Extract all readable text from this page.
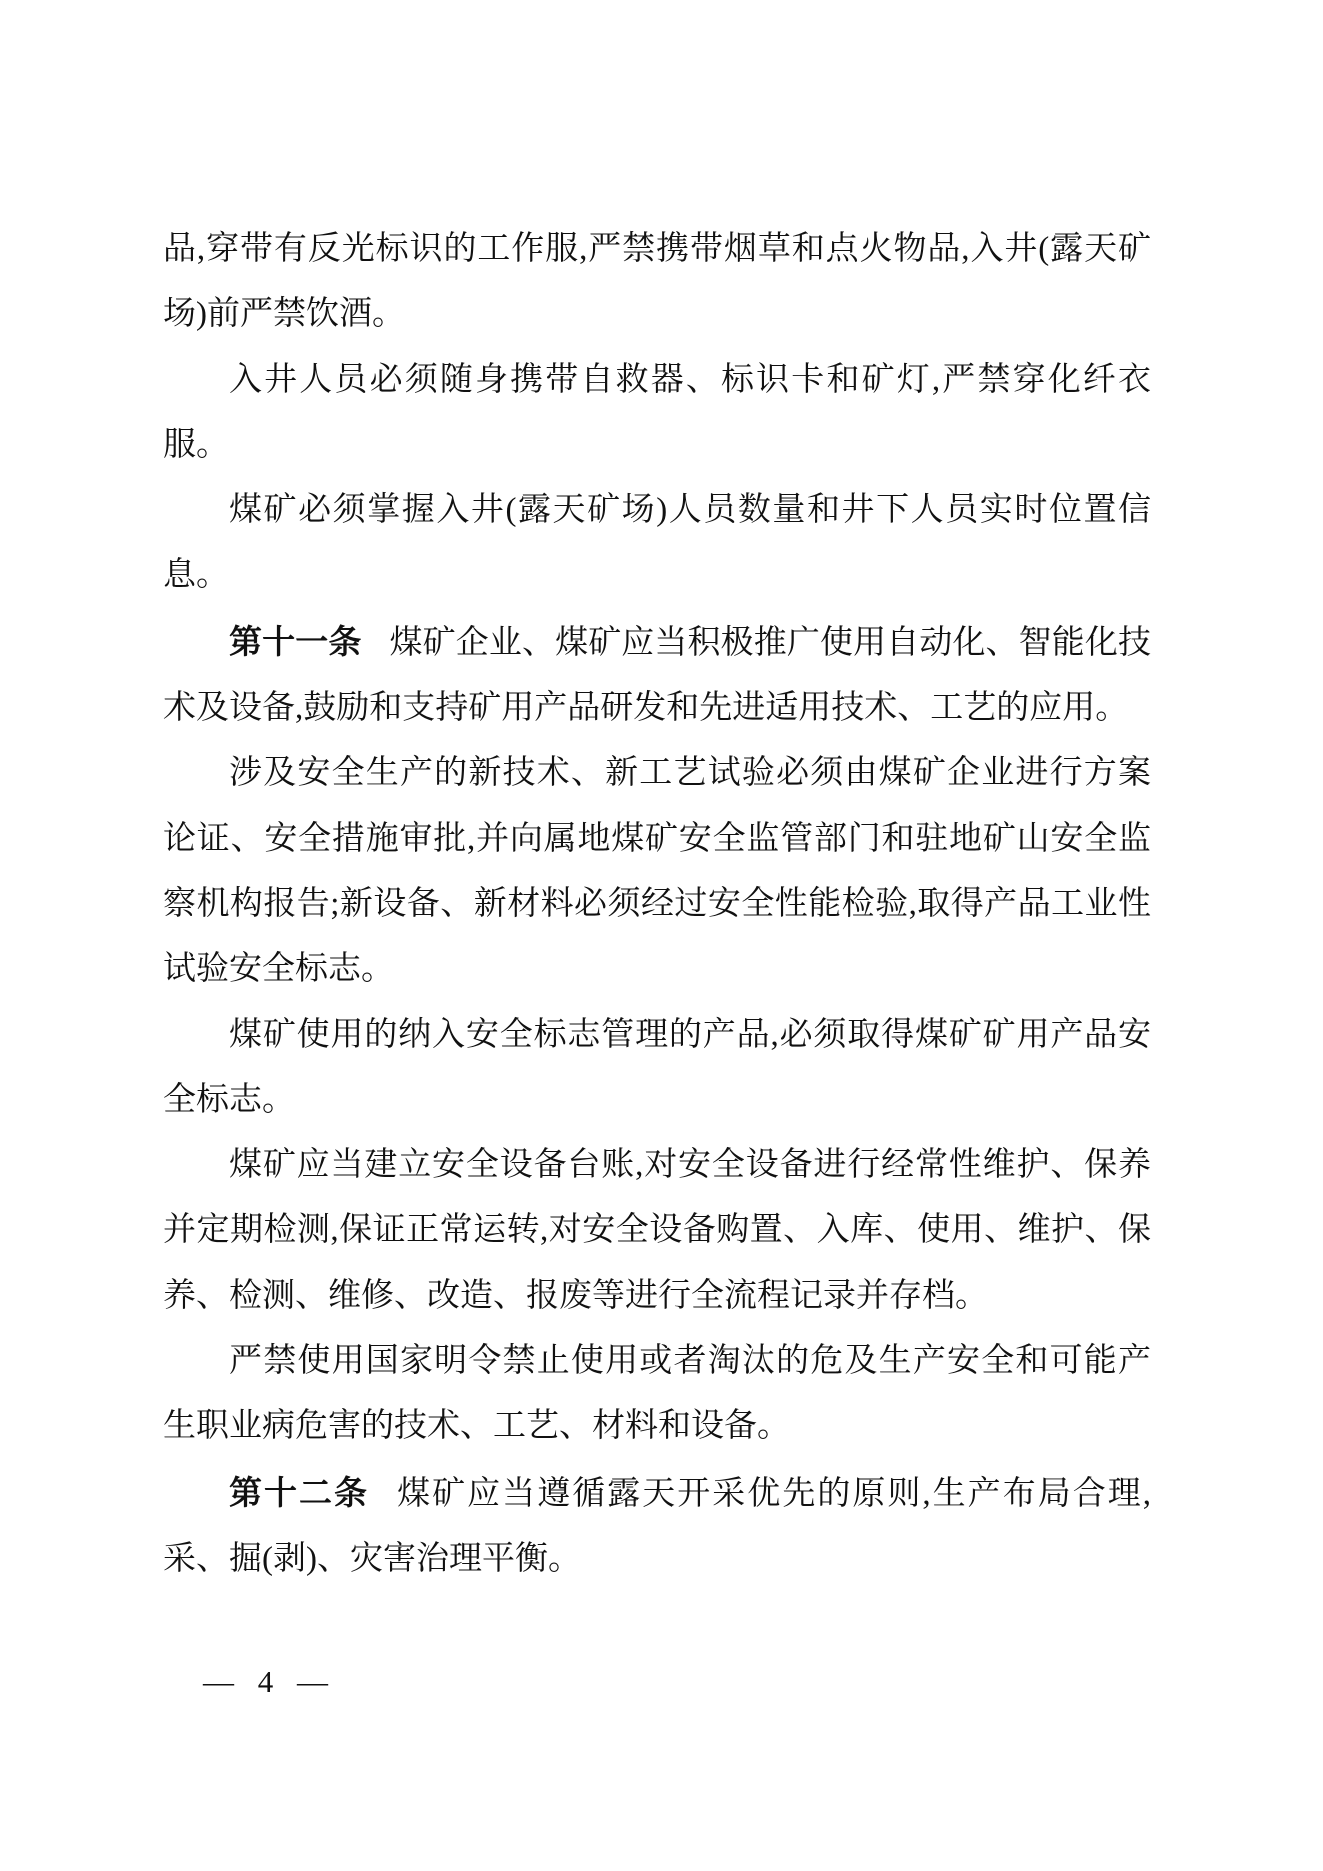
品,穿带有反光标识的工作服,严禁携带烟草和点火物品,入井(露天矿场)前严禁饮酒。

入井人员必须随身携带自救器、标识卡和矿灯,严禁穿化纤衣服。

煤矿必须掌握入井(露天矿场)人员数量和井下人员实时位置信息。

第十一条 煤矿企业、煤矿应当积极推广使用自动化、智能化技术及设备,鼓励和支持矿用产品研发和先进适用技术、工艺的应用。

涉及安全生产的新技术、新工艺试验必须由煤矿企业进行方案论证、安全措施审批,并向属地煤矿安全监管部门和驻地矿山安全监察机构报告;新设备、新材料必须经过安全性能检验,取得产品工业性试验安全标志。

煤矿使用的纳入安全标志管理的产品,必须取得煤矿矿用产品安全标志。

煤矿应当建立安全设备台账,对安全设备进行经常性维护、保养并定期检测,保证正常运转,对安全设备购置、入库、使用、维护、保养、检测、维修、改造、报废等进行全流程记录并存档。

严禁使用国家明令禁止使用或者淘汰的危及生产安全和可能产生职业病危害的技术、工艺、材料和设备。

第十二条 煤矿应当遵循露天开采优先的原则,生产布局合理,采、掘(剥)、灾害治理平衡。

— 4 —
